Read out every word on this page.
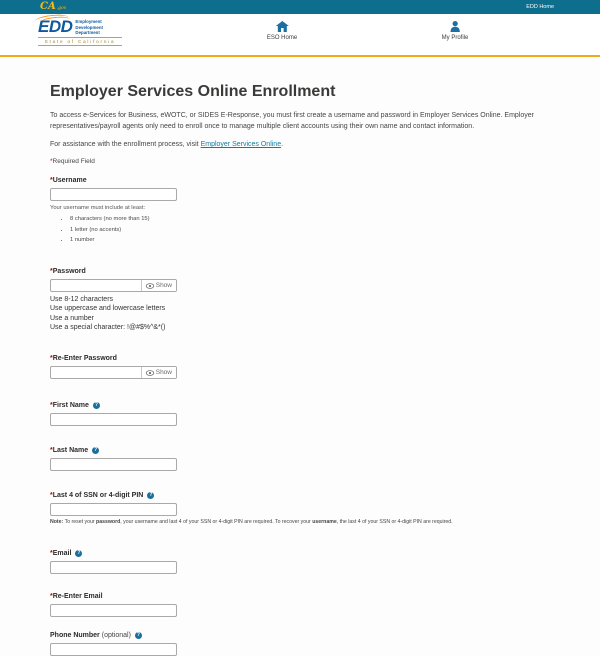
CA .gov	EDD Home
EDD Employment
Development
Department
State of California	ESO Home	My Profile
Employer Services Online Enrollment

To access e-Services for Business, eWOTC, or SIDES E-Response, you must first create a username and password in Employer Services Online. Employer representatives/payroll agents only need to enroll once to manage multiple client accounts using their own name and contact information.

For assistance with the enrollment process, visit Employer Services Online.

*Required Field

*Username
Your username must include at least:
• 8 characters (no more than 15)
• 1 letter (no accents)
• 1 number
*Password
Show
Use 8-12 characters
Use uppercase and lowercase letters
Use a number
Use a special character: !@#$%^&*()
*Re-Enter Password
Show
*First Name?
*Last Name?
*Last 4 of SSN or 4-digit PIN?
Note: To reset your password, your username and last 4 of your SSN or 4-digit PIN are required. To recover your username, the last 4 of your SSN or 4-digit PIN are required.
*Email?
*Re-Enter Email
Phone Number (optional)?
